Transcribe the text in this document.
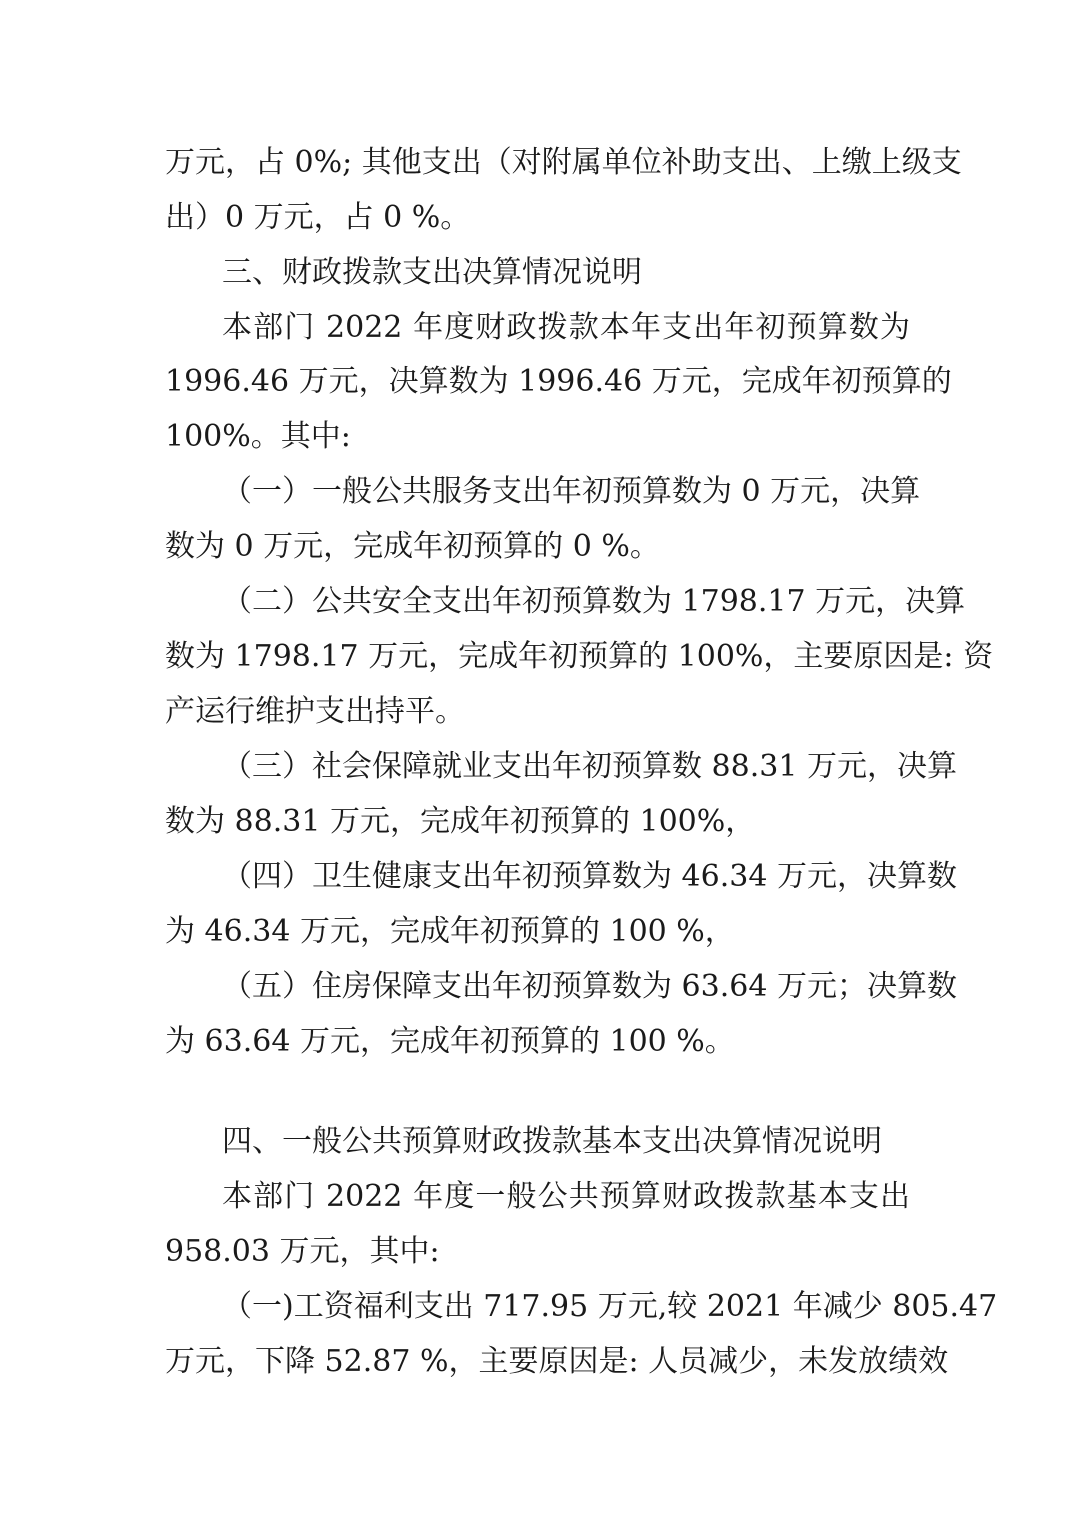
万元，占 0%; 其他支出（对附属单位补助支出、上缴上级支
出）0 万元，占 0 %。
三、财政拨款支出决算情况说明
本部门 2022 年度财政拨款本年支出年初预算数为
1996.46 万元，决算数为 1996.46 万元，完成年初预算的
100%。其中:
（一）一般公共服务支出年初预算数为 0 万元，决算
数为 0 万元，完成年初预算的 0 %。
（二）公共安全支出年初预算数为 1798.17 万元，决算
数为 1798.17 万元，完成年初预算的 100%，主要原因是: 资
产运行维护支出持平。
（三）社会保障就业支出年初预算数 88.31 万元，决算
数为 88.31 万元，完成年初预算的 100%，
（四）卫生健康支出年初预算数为 46.34 万元，决算数
为 46.34 万元，完成年初预算的 100 %，
（五）住房保障支出年初预算数为 63.64 万元；决算数
为 63.64 万元，完成年初预算的 100 %。
四、一般公共预算财政拨款基本支出决算情况说明
本部门 2022 年度一般公共预算财政拨款基本支出
958.03 万元，其中:
（一)工资福利支出 717.95 万元,较 2021 年减少 805.47
万元，下降 52.87 %，主要原因是: 人员减少，未发放绩效
